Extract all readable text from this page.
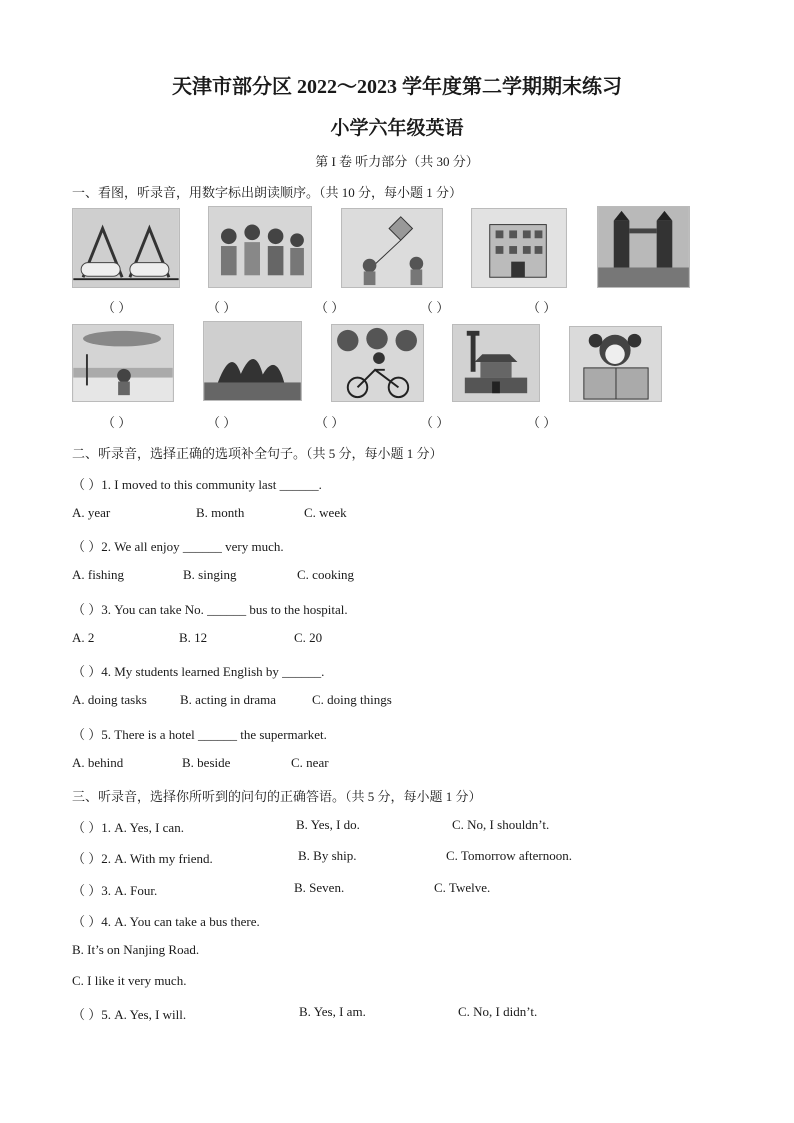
天津市部分区 2022～2023 学年度第二学期期末练习
小学六年级英语
第 I 卷 听力部分（共 30 分）
一、看图，听录音，用数字标出朗读顺序。（共 10 分，每小题 1 分）
（ ）	（ ）	（ ）	（ ）	（ ）
（ ）	（ ）	（ ）	（ ）	（ ）
二、听录音，选择正确的选项补全句子。（共 5 分，每小题 1 分）
（ ）1. I moved to this community last ______.
A. year	B. month	C. week
（ ）2. We all enjoy ______ very much.
A. fishing	B. singing	C. cooking
（ ）3. You can take No. ______ bus to the hospital.
A. 2	B. 12	C. 20
（ ）4. My students learned English by ______.
A. doing tasks	B. acting in drama	C. doing things
（ ）5. There is a hotel ______ the supermarket.
A. behind	B. beside	C. near
三、听录音，选择你所听到的问句的正确答语。（共 5 分，每小题 1 分）
（ ）1. A. Yes, I can.	B. Yes, I do.	C. No, I shouldn’t.
（ ）2. A. With my friend.	B. By ship.	C. Tomorrow afternoon.
（ ）3. A. Four.	B. Seven.	C. Twelve.
（ ）4. A. You can take a bus there.
B. It’s on Nanjing Road.
C. I like it very much.
（ ）5. A. Yes, I will.	B. Yes, I am.	C. No, I didn’t.
